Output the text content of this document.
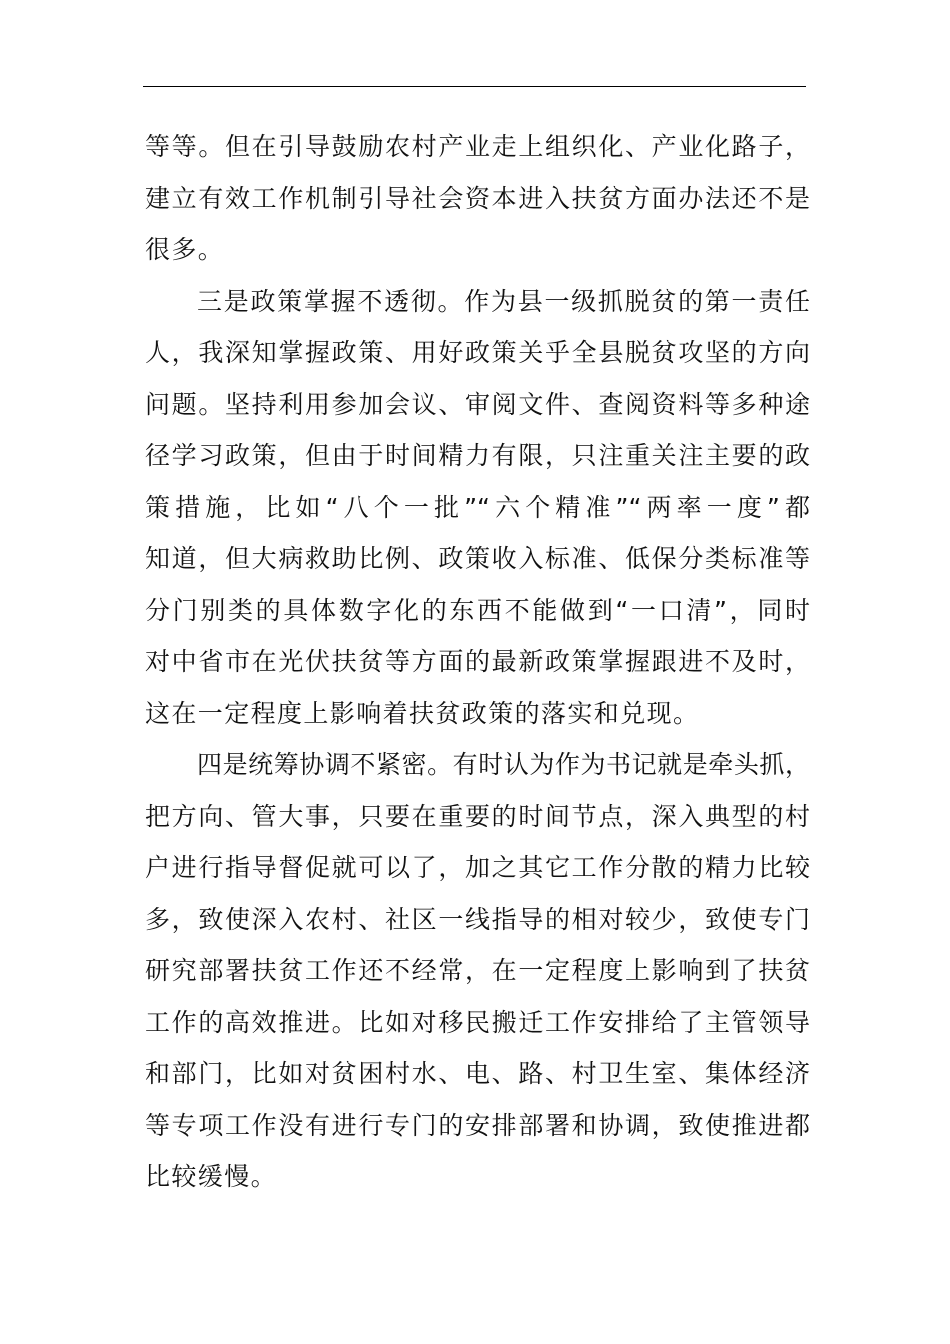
等等。但在引导鼓励农村产业走上组织化、产业化路子，
建立有效工作机制引导社会资本进入扶贫方面办法还不是
很多。
三是政策掌握不透彻。作为县一级抓脱贫的第一责任
人，我深知掌握政策、用好政策关乎全县脱贫攻坚的方向
问题。坚持利用参加会议、审阅文件、查阅资料等多种途
径学习政策，但由于时间精力有限，只注重关注主要的政
策措施，比如“八个一批”“六个精准”“两率一度”都
知道，但大病救助比例、政策收入标准、低保分类标准等
分门别类的具体数字化的东西不能做到“一口清”，同时
对中省市在光伏扶贫等方面的最新政策掌握跟进不及时，
这在一定程度上影响着扶贫政策的落实和兑现。
四是统筹协调不紧密。有时认为作为书记就是牵头抓，
把方向、管大事，只要在重要的时间节点，深入典型的村
户进行指导督促就可以了，加之其它工作分散的精力比较
多，致使深入农村、社区一线指导的相对较少，致使专门
研究部署扶贫工作还不经常，在一定程度上影响到了扶贫
工作的高效推进。比如对移民搬迁工作安排给了主管领导
和部门，比如对贫困村水、电、路、村卫生室、集体经济
等专项工作没有进行专门的安排部署和协调，致使推进都
比较缓慢。
